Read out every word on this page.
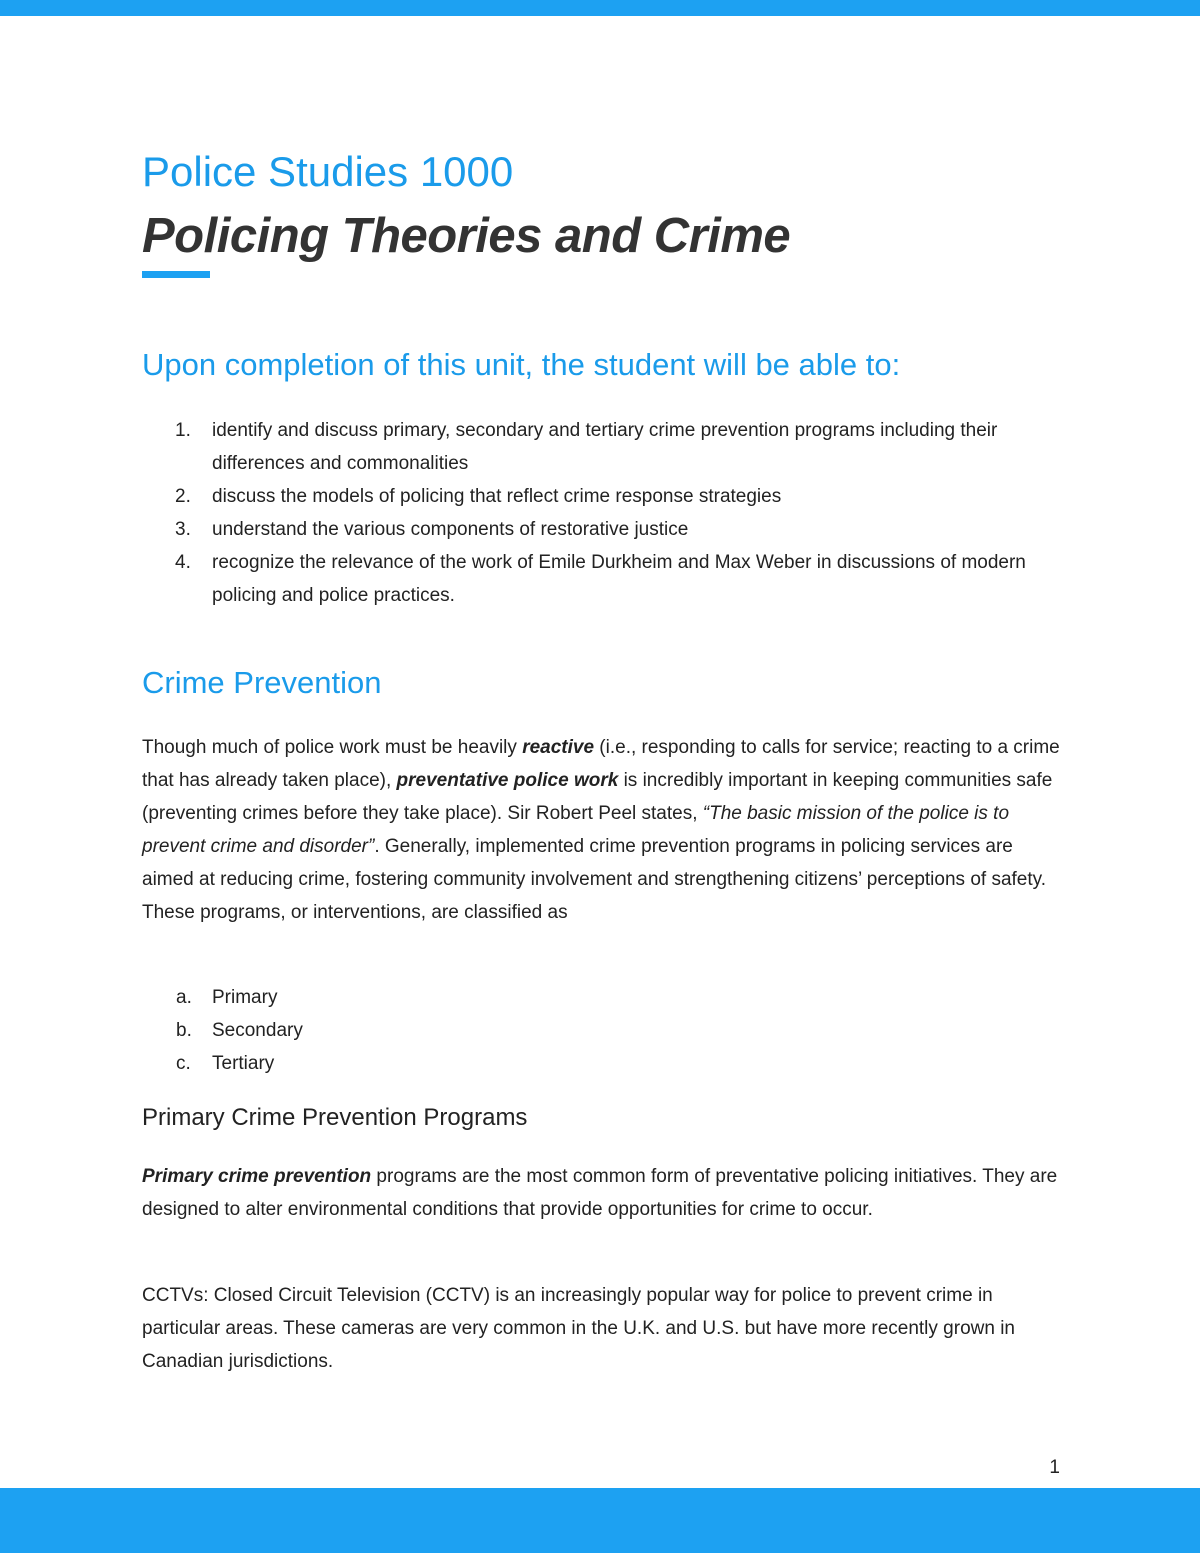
Police Studies 1000
Policing Theories and Crime
Upon completion of this unit, the student will be able to:
1. identify and discuss primary, secondary and tertiary crime prevention programs including their differences and commonalities
2. discuss the models of policing that reflect crime response strategies
3. understand the various components of restorative justice
4. recognize the relevance of the work of Emile Durkheim and Max Weber in discussions of modern policing and police practices.
Crime Prevention

Though much of police work must be heavily reactive (i.e., responding to calls for service; reacting to a crime that has already taken place), preventative police work is incredibly important in keeping communities safe (preventing crimes before they take place). Sir Robert Peel states, “The basic mission of the police is to prevent crime and disorder”. Generally, implemented crime prevention programs in policing services are aimed at reducing crime, fostering community involvement and strengthening citizens’ perceptions of safety. These programs, or interventions, are classified as

a. Primary
b. Secondary
c. Tertiary
Primary Crime Prevention Programs

Primary crime prevention programs are the most common form of preventative policing initiatives. They are designed to alter environmental conditions that provide opportunities for crime to occur.

CCTVs: Closed Circuit Television (CCTV) is an increasingly popular way for police to prevent crime in particular areas. These cameras are very common in the U.K. and U.S. but have more recently grown in Canadian jurisdictions.

1
